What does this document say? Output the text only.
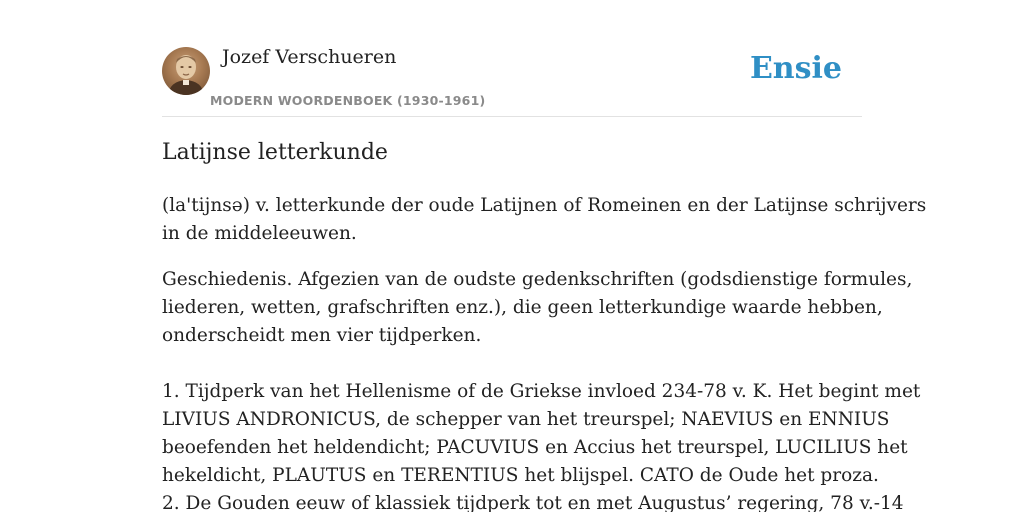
Jozef Verschueren
MODERN WOORDENBOEK (1930-1961)
Ensie
Latijnse letterkunde

(la'tijnsə) v. letterkunde der oude Latijnen of Romeinen en der Latijnse schrijvers
in de middeleeuwen.

Geschiedenis. Afgezien van de oudste gedenkschriften (godsdienstige formules,
liederen, wetten, grafschriften enz.), die geen letterkundige waarde hebben,
onderscheidt men vier tijdperken.
1. Tijdperk van het Hellenisme of de Griekse invloed 234-78 v. K. Het begint met
LIVIUS ANDRONICUS, de schepper van het treurspel; NAEVIUS en ENNIUS
beoefenden het heldendicht; PACUVIUS en Accius het treurspel, LUCILIUS het
hekeldicht, PLAUTUS en TERENTIUS het blijspel. CATO de Oude het proza.
2. De Gouden eeuw of klassiek tijdperk tot en met Augustus’ regering, 78 v.-14
